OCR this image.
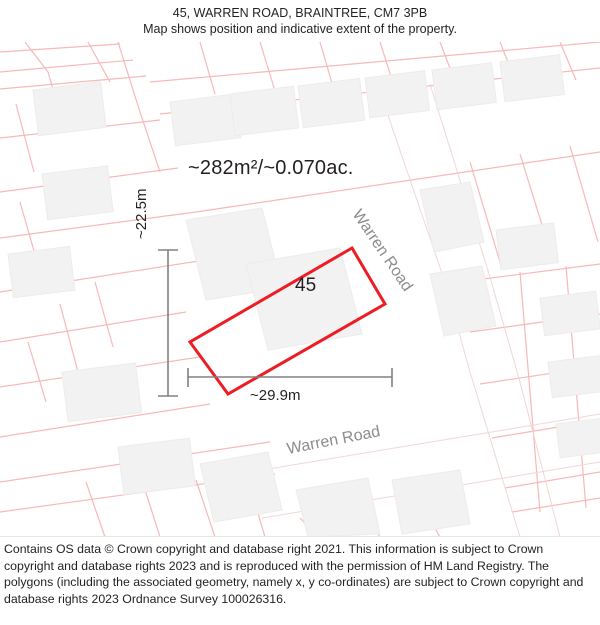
45, WARREN ROAD, BRAINTREE, CM7 3PB
Map shows position and indicative extent of the property.
Warren Road
Warren Road
~282m²/~0.070ac.
45
~22.5m
~29.9m

Contains OS data © Crown copyright and database right 2021. This information is subject to Crown copyright and database rights 2023 and is reproduced with the permission of HM Land Registry. The polygons (including the associated geometry, namely x, y co-ordinates) are subject to Crown copyright and database rights 2023 Ordnance Survey 100026316.
